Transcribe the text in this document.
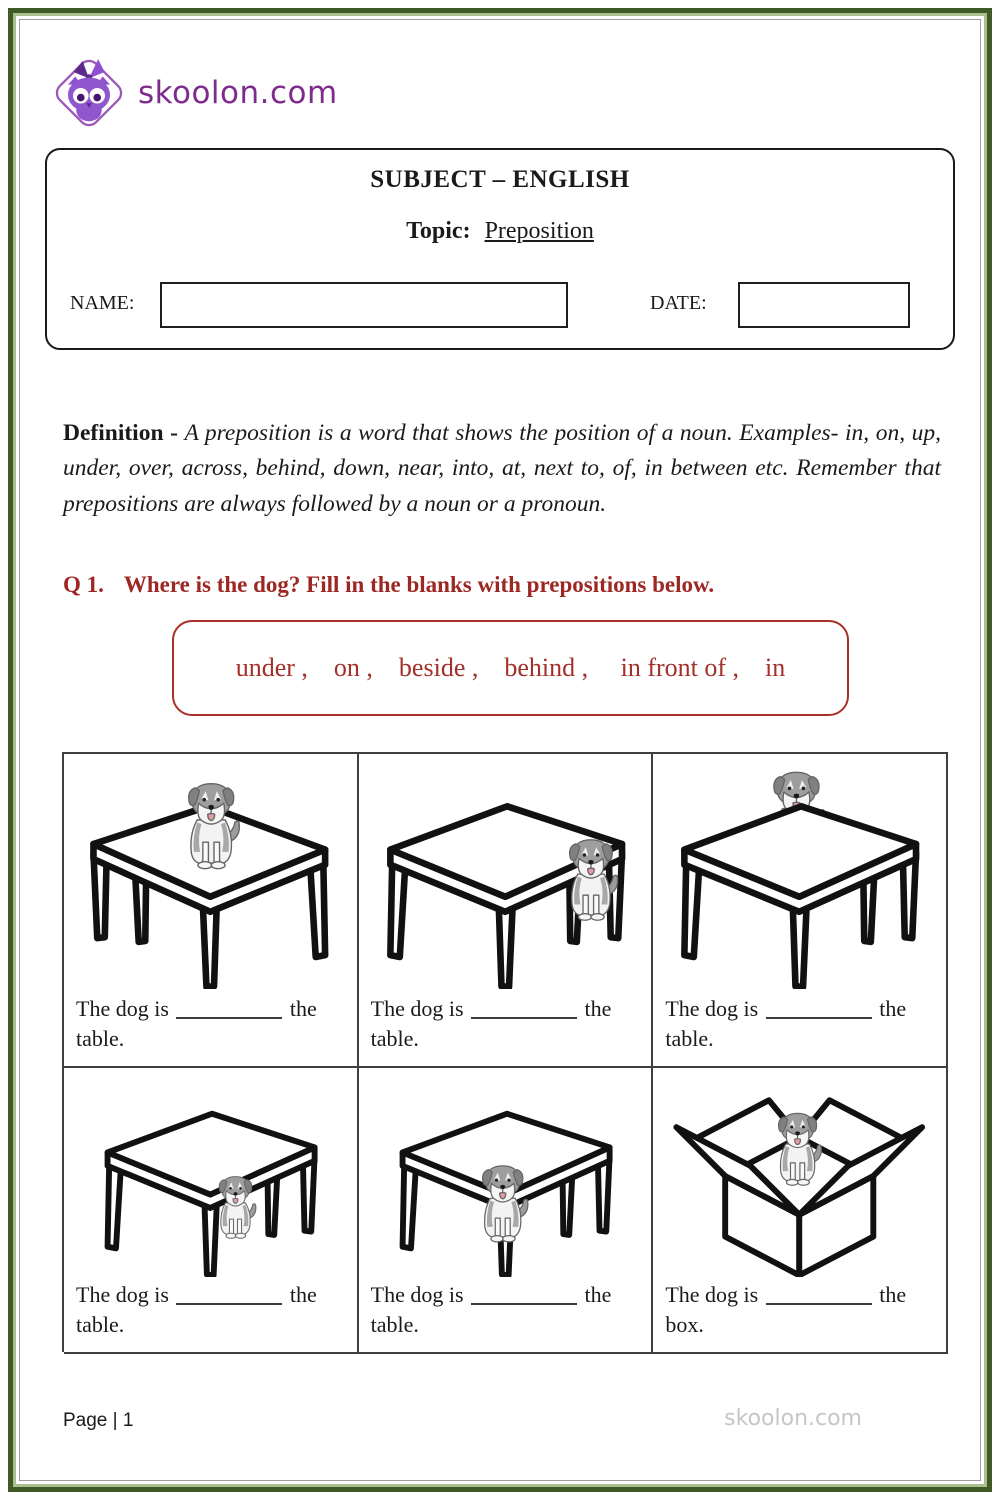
skoolon.com
SUBJECT – ENGLISH
Topic: Preposition
NAME:	DATE:

Definition - A preposition is a word that shows the position of a noun. Examples- in, on, up, under, over, across, behind, down, near, into, at, next to, of, in between etc. Remember that prepositions are always followed by a noun or a pronoun.

Q 1. Where is the dog? Fill in the blanks with prepositions below.
under ,    on ,    beside ,    behind ,     in front of ,    in

The dog is	the table.

The dog is	the table.

The dog is	the table.

The dog is	the table.

The dog is	the table.

The dog is	the box.

Page | 1	skoolon.com
